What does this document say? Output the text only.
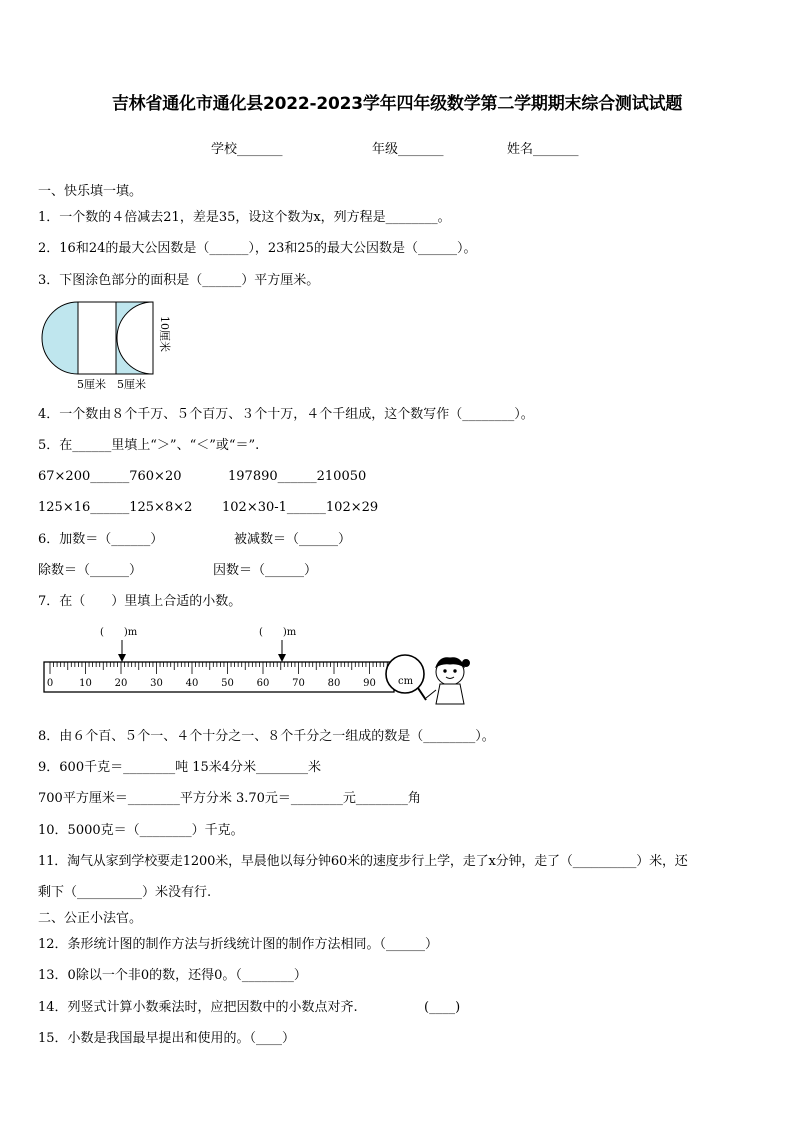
吉林省通化市通化县2022-2023学年四年级数学第二学期期末综合测试试题
学校_______	年级_______	姓名_______
一、快乐填一填。
1．一个数的４倍减去21，差是35，设这个数为x，列方程是________。
2．16和24的最大公因数是（______），23和25的最大公因数是（______）。
3．下图涂色部分的面积是（______）平方厘米。
10厘米
5厘米 5厘米
4．一个数由８个千万、５个百万、３个十万，４个千组成，这个数写作（________）。
5．在______里填上“＞”、“＜”或“＝”.
67×200______760×20	197890______210050
125×16______125×8×2 102×30-1______102×29
6．加数＝（______）	被减数＝（______）
除数＝（______）	因数＝（______）
7．在（　　）里填上合适的小数。
(　　)m	(　　)m
0	10 20 30 40 50 60 70 80 90 cm
8．由６个百、５个一、４个十分之一、８个千分之一组成的数是（________）。
9．600千克＝________吨 15米4分米________米
700平方厘米＝________平方分米 3.70元＝________元________角
10．5000克＝（________）千克。
11．淘气从家到学校要走1200米，早晨他以每分钟60米的速度步行上学，走了x分钟，走了（__________）米，还
剩下（__________）米没有行.
二、公正小法官。
12．条形统计图的制作方法与折线统计图的制作方法相同。（______）
13．0除以一个非0的数，还得0。（________）
14．列竖式计算小数乘法时，应把因数中的小数点对齐.	(____)
15．小数是我国最早提出和使用的。（____）
